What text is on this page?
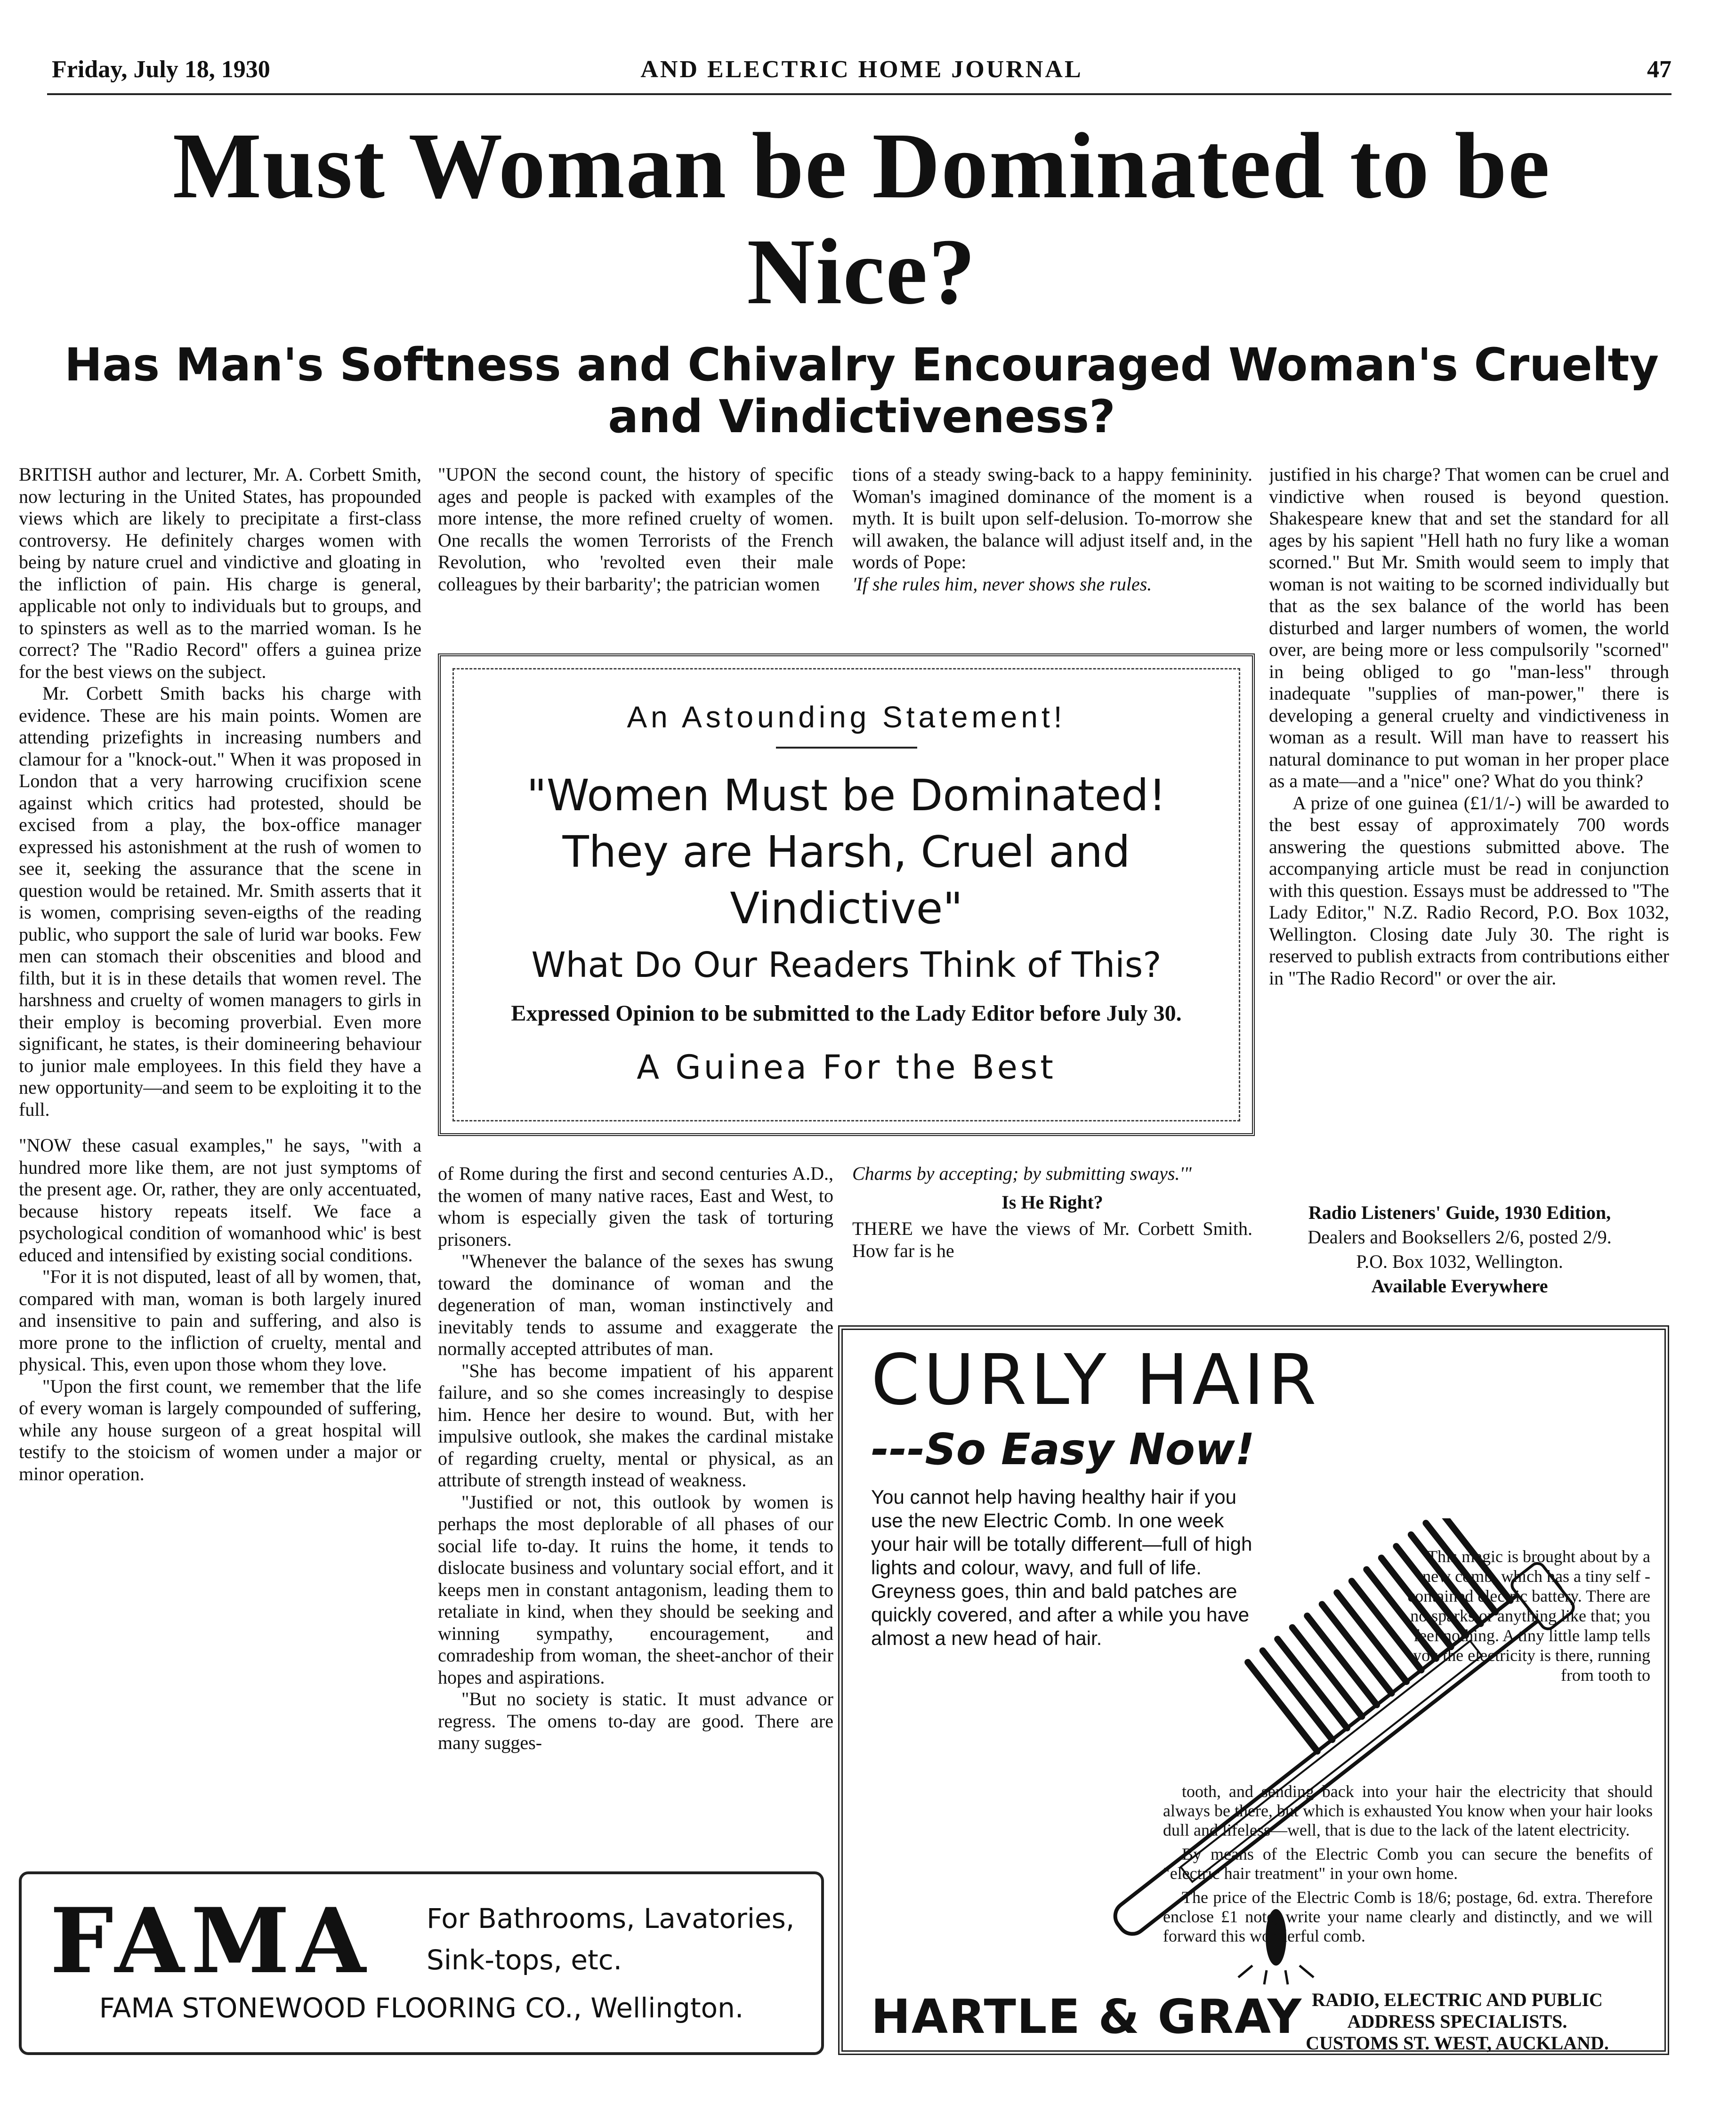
Friday, July 18, 1930	AND ELECTRIC HOME JOURNAL	47
Must Woman be Dominated to be Nice?
Has Man's Softness and Chivalry Encouraged Woman's Cruelty and Vindictiveness?

BRITISH author and lecturer, Mr. A. Corbett Smith, now lecturing in the United States, has propounded views which are likely to precipitate a first-class controversy. He definitely charges women with being by nature cruel and vindictive and gloating in the infliction of pain. His charge is general, applicable not only to individuals but to groups, and to spinsters as well as to the married woman. Is he correct? The "Radio Record" offers a guinea prize for the best views on the subject.

Mr. Corbett Smith backs his charge with evidence. These are his main points. Women are attending prizefights in increasing numbers and clamour for a "knock-out." When it was proposed in London that a very harrowing crucifixion scene against which critics had protested, should be excised from a play, the box-office manager expressed his astonishment at the rush of women to see it, seeking the assurance that the scene in question would be retained. Mr. Smith asserts that it is women, comprising seven-eigths of the reading public, who support the sale of lurid war books. Few men can stomach their obscenities and blood and filth, but it is in these details that women revel. The harshness and cruelty of women managers to girls in their employ is becoming proverbial. Even more significant, he states, is their domineering behaviour to junior male employees. In this field they have a new opportunity—and seem to be exploiting it to the full.

"NOW these casual examples," he says, "with a hundred more like them, are not just symptoms of the present age. Or, rather, they are only accentuated, because history repeats itself. We face a psychological condition of womanhood whic' is best educed and intensified by existing social conditions.

"For it is not disputed, least of all by women, that, compared with man, woman is both largely inured and insensitive to pain and suffering, and also is more prone to the infliction of cruelty, mental and physical. This, even upon those whom they love.

"Upon the first count, we remember that the life of every woman is largely compounded of suffering, while any house surgeon of a great hospital will testify to the stoicism of women under a major or minor operation.

"UPON the second count, the history of specific ages and people is packed with examples of the more intense, the more refined cruelty of women. One recalls the women Terrorists of the French Revolution, who 'revolted even their male colleagues by their barbarity'; the patrician women

tions of a steady swing-back to a happy femininity. Woman's imagined dominance of the moment is a myth. It is built upon self-delusion. To-morrow she will awaken, the balance will adjust itself and, in the words of Pope:

'If she rules him, never shows she rules.

justified in his charge? That women can be cruel and vindictive when roused is beyond question. Shakespeare knew that and set the standard for all ages by his sapient "Hell hath no fury like a woman scorned." But Mr. Smith would seem to imply that woman is not waiting to be scorned individually but that as the sex balance of the world has been disturbed and larger numbers of women, the world over, are being more or less compulsorily "scorned" in being obliged to go "man-less" through inadequate "supplies of man-power," there is developing a general cruelty and vindictiveness in woman as a result. Will man have to reassert his natural dominance to put woman in her proper place as a mate—and a "nice" one? What do you think?

A prize of one guinea (£1/1/-) will be awarded to the best essay of approximately 700 words answering the questions submitted above. The accompanying article must be read in conjunction with this question. Essays must be addressed to "The Lady Editor," N.Z. Radio Record, P.O. Box 1032, Wellington. Closing date July 30. The right is reserved to publish extracts from contributions either in "The Radio Record" or over the air.

An Astounding Statement!
"Women Must be Dominated! They are Harsh, Cruel and Vindictive"
What Do Our Readers Think of This?
Expressed Opinion to be submitted to the Lady Editor before July 30.
A Guinea For the Best

of Rome during the first and second centuries A.D., the women of many native races, East and West, to whom is especially given the task of torturing prisoners.

"Whenever the balance of the sexes has swung toward the dominance of woman and the degeneration of man, woman instinctively and inevitably tends to assume and exaggerate the normally accepted attributes of man.

"She has become impatient of his apparent failure, and so she comes increasingly to despise him. Hence her desire to wound. But, with her impulsive outlook, she makes the cardinal mistake of regarding cruelty, mental or physical, as an attribute of strength instead of weakness.

"Justified or not, this outlook by women is perhaps the most deplorable of all phases of our social life to-day. It ruins the home, it tends to dislocate business and voluntary social effort, and it keeps men in constant antagonism, leading them to retaliate in kind, when they should be seeking and winning sympathy, encouragement, and comradeship from woman, the sheet-anchor of their hopes and aspirations.

"But no society is static. It must advance or regress. The omens to-day are good. There are many sugges-

Charms by accepting; by submitting sways.'"

Is He Right?

THERE we have the views of Mr. Corbett Smith. How far is he

Radio Listeners' Guide, 1930 Edition,
Dealers and Booksellers 2/6, posted 2/9.
P.O. Box 1032, Wellington.
Available Everywhere
FAMA For Bathrooms, Lavatories, Sink-tops, etc.
FAMA STONEWOOD FLOORING CO., Wellington.
CURLY HAIR
---So Easy Now!
You cannot help having healthy hair if you use the new Electric Comb. In one week your hair will be totally different—full of high lights and colour, wavy, and full of life. Greyness goes, thin and bald patches are quickly covered, and after a while you have almost a new head of hair.
This magic is brought about by a new comb, which has a tiny self - contained electric battery. There are no sparks or anything like that; you feel nothing. A tiny little lamp tells you the electricity is there, running from tooth to

tooth, and sending back into your hair the electricity that should always be there, but which is exhausted You know when your hair looks dull and lifeless—well, that is due to the lack of the latent electricity.

By means of the Electric Comb you can secure the benefits of "electric hair treatment" in your own home.

The price of the Electric Comb is 18/6; postage, 6d. extra. Therefore enclose £1 note, write your name clearly and distinctly, and we will forward this wonderful comb.

HARTLE & GRAY RADIO, ELECTRIC AND PUBLIC
ADDRESS SPECIALISTS.
CUSTOMS ST. WEST, AUCKLAND.
